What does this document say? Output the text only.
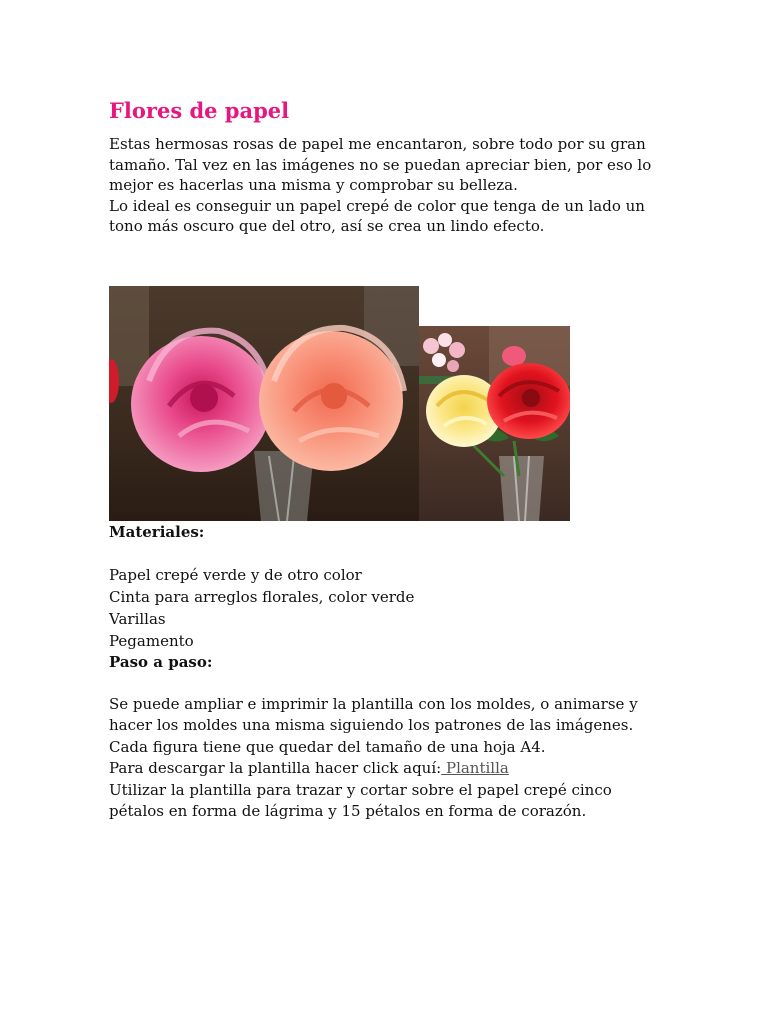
Flores de papel

Estas hermosas rosas de papel me encantaron, sobre todo por su gran tamaño. Tal vez en las imágenes no se puedan apreciar bien, por eso lo mejor es hacerlas una misma y comprobar su belleza.

Lo ideal es conseguir un papel crepé de color que tenga de un lado un tono más oscuro que del otro, así se crea un lindo efecto.

Materiales:
Papel crepé verde y de otro color
Cinta para arreglos florales, color verde
Varillas
Pegamento
Paso a paso:

Se puede ampliar e imprimir la plantilla con los moldes, o animarse y hacer los moldes una misma siguiendo los patrones de las imágenes. Cada figura tiene que quedar del tamaño de una hoja A4.

Para descargar la plantilla hacer click aquí: Plantilla

Utilizar la plantilla para trazar y cortar sobre el papel crepé cinco pétalos en forma de lágrima y 15 pétalos en forma de corazón.
